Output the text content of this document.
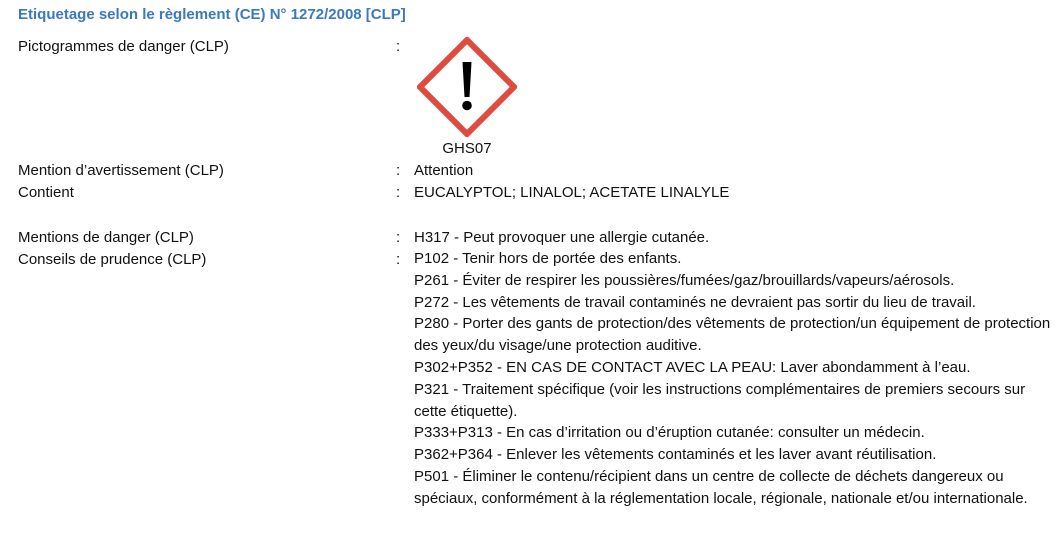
Etiquetage selon le règlement (CE) N° 1272/2008 [CLP]
Pictogrammes de danger (CLP)	:
GHS07
Mention d’avertissement (CLP)	: Attention
Contient	: EUCALYPTOL; LINALOL; ACETATE LINALYLE
Mentions de danger (CLP)	: H317 - Peut provoquer une allergie cutanée.
Conseils de prudence (CLP)	: P102 - Tenir hors de portée des enfants.
P261 - Éviter de respirer les poussières/fumées/gaz/brouillards/vapeurs/aérosols.
P272 - Les vêtements de travail contaminés ne devraient pas sortir du lieu de travail.
P280 - Porter des gants de protection/des vêtements de protection/un équipement de protection des yeux/du visage/une protection auditive.
P302+P352 - EN CAS DE CONTACT AVEC LA PEAU: Laver abondamment à l’eau.
P321 - Traitement spécifique (voir les instructions complémentaires de premiers secours sur cette étiquette).
P333+P313 - En cas d’irritation ou d’éruption cutanée: consulter un médecin.
P362+P364 - Enlever les vêtements contaminés et les laver avant réutilisation.
P501 - Éliminer le contenu/récipient dans un centre de collecte de déchets dangereux ou spéciaux, conformément à la réglementation locale, régionale, nationale et/ou internationale.
